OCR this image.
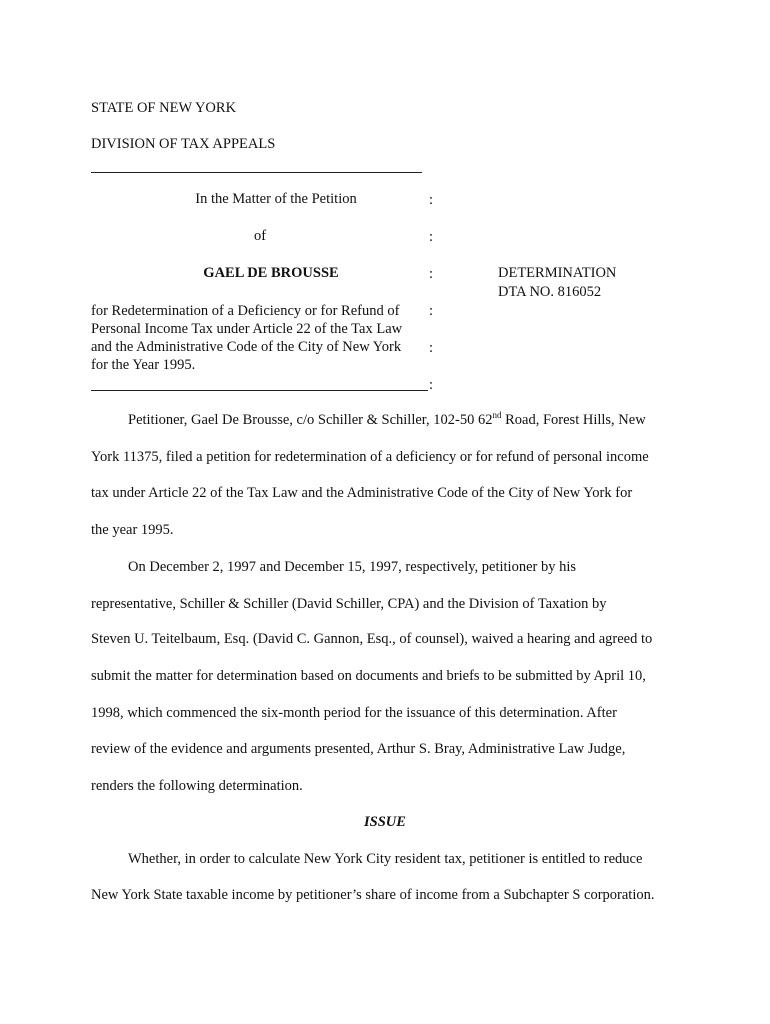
STATE OF NEW YORK
DIVISION OF TAX APPEALS
In the Matter of the Petition	:
of	:
GAEL DE BROUSSE	:	DETERMINATION
DTA NO. 816052
for Redetermination of a Deficiency or for Refund of
Personal Income Tax under Article 22 of the Tax Law
and the Administrative Code of the City of New York
for the Year 1995.
:
:
:
Petitioner, Gael De Brousse, c/o Schiller & Schiller, 102-50 62nd Road, Forest Hills, New
York 11375, filed a petition for redetermination of a deficiency or for refund of personal income
tax under Article 22 of the Tax Law and the Administrative Code of the City of New York for
the year 1995.
On December 2, 1997 and December 15, 1997, respectively, petitioner by his
representative, Schiller & Schiller (David Schiller, CPA) and the Division of Taxation by
Steven U. Teitelbaum, Esq. (David C. Gannon, Esq., of counsel), waived a hearing and agreed to
submit the matter for determination based on documents and briefs to be submitted by April 10,
1998, which commenced the six-month period for the issuance of this determination. After
review of the evidence and arguments presented, Arthur S. Bray, Administrative Law Judge,
renders the following determination.
ISSUE
Whether, in order to calculate New York City resident tax, petitioner is entitled to reduce
New York State taxable income by petitioner’s share of income from a Subchapter S corporation.
